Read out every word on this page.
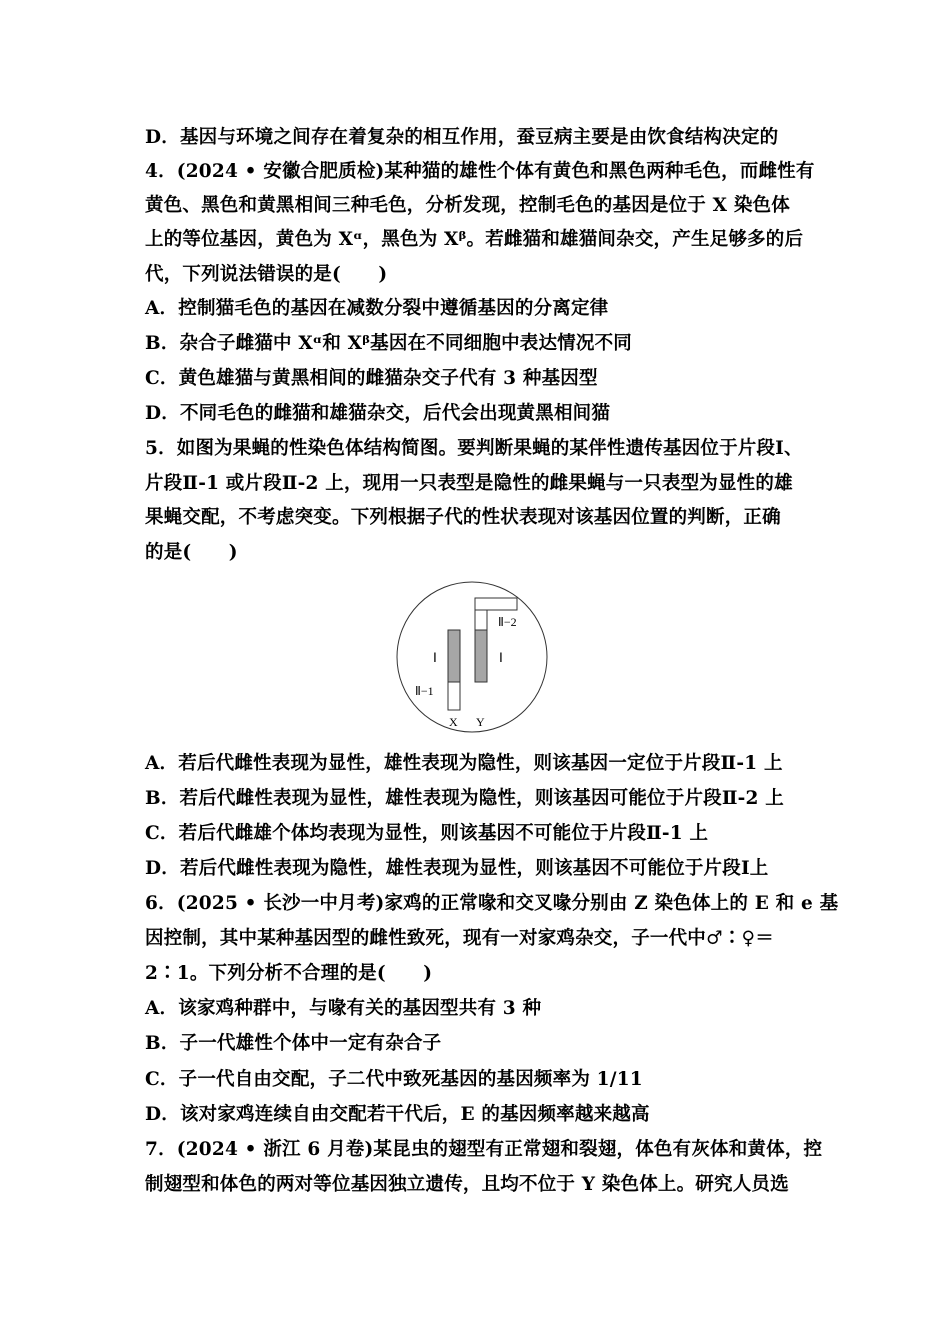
D．基因与环境之间存在着复杂的相互作用，蚕豆病主要是由饮食结构决定的
4．(2024 • 安徽合肥质检)某种猫的雄性个体有黄色和黑色两种毛色，而雌性有
黄色、黑色和黄黑相间三种毛色，分析发现，控制毛色的基因是位于 X 染色体
上的等位基因，黄色为 Xᵅ，黑色为 Xᵝ。若雌猫和雄猫间杂交，产生足够多的后
代，下列说法错误的是(　　)
A．控制猫毛色的基因在减数分裂中遵循基因的分离定律
B．杂合子雌猫中 Xᵅ和 Xᵝ基因在不同细胞中表达情况不同
C．黄色雄猫与黄黑相间的雌猫杂交子代有 3 种基因型
D．不同毛色的雌猫和雄猫杂交，后代会出现黄黑相间猫
5．如图为果蝇的性染色体结构简图。要判断果蝇的某伴性遗传基因位于片段Ⅰ、
片段Ⅱ-1 或片段Ⅱ-2 上，现用一只表型是隐性的雌果蝇与一只表型为显性的雄
果蝇交配，不考虑突变。下列根据子代的性状表现对该基因位置的判断，正确
的是(　　)
Ⅰ	Ⅰ
Ⅱ−1
Ⅱ−2
X Y
A．若后代雌性表现为显性，雄性表现为隐性，则该基因一定位于片段Ⅱ-1 上
B．若后代雌性表现为显性，雄性表现为隐性，则该基因可能位于片段Ⅱ-2 上
C．若后代雌雄个体均表现为显性，则该基因不可能位于片段Ⅱ-1 上
D．若后代雌性表现为隐性，雄性表现为显性，则该基因不可能位于片段Ⅰ上
6．(2025 • 长沙一中月考)家鸡的正常喙和交叉喙分别由 Z 染色体上的 E 和 e 基
因控制，其中某种基因型的雌性致死，现有一对家鸡杂交，子一代中♂∶♀＝
2∶1。下列分析不合理的是(　　)
A．该家鸡种群中，与喙有关的基因型共有 3 种
B．子一代雄性个体中一定有杂合子
C．子一代自由交配，子二代中致死基因的基因频率为 1/11
D．该对家鸡连续自由交配若干代后，E 的基因频率越来越高
7．(2024 • 浙江 6 月卷)某昆虫的翅型有正常翅和裂翅，体色有灰体和黄体，控
制翅型和体色的两对等位基因独立遗传，且均不位于 Y 染色体上。研究人员选
